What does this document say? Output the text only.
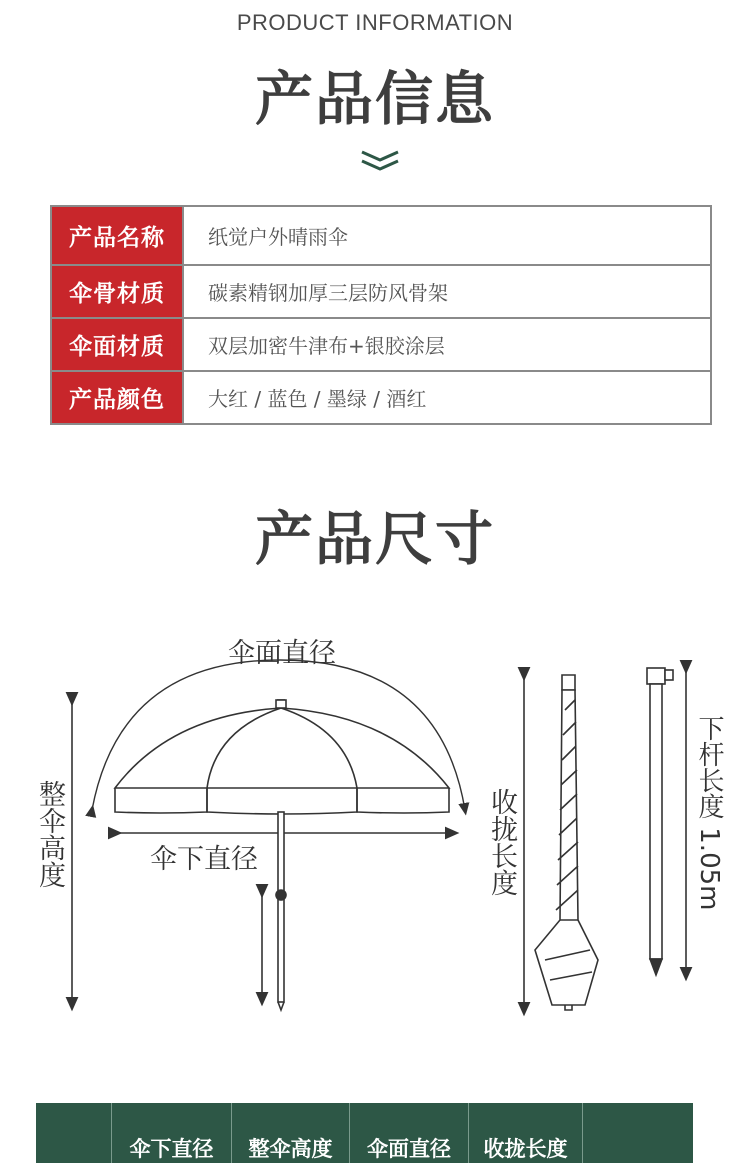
PRODUCT INFORMATION
产品信息
产品名称	纸觉户外晴雨伞
伞骨材质	碳素精钢加厚三层防风骨架
伞面材质	双层加密牛津布+银胶涂层
产品颜色	大红 / 蓝色 / 墨绿 / 酒红
产品尺寸
伞面直径
整伞高度	伞下直径	收拢长度	下杆长度 1.05m
伞下直径	整伞高度	伞面直径	收拢长度
